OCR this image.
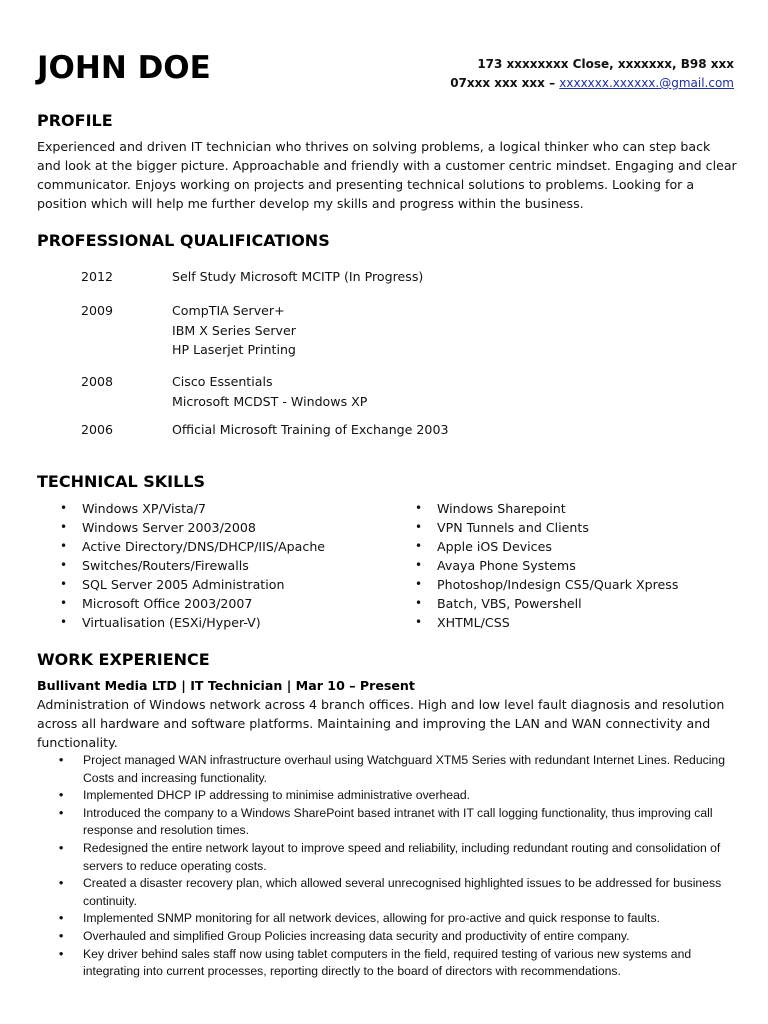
JOHN DOE	173 xxxxxxxx Close, xxxxxxx, B98 xxx
07xxx xxx xxx – xxxxxxx.xxxxxx.@gmail.com
PROFILE

Experienced and driven IT technician who thrives on solving problems, a logical thinker who can step back and look at the bigger picture. Approachable and friendly with a customer centric mindset. Engaging and clear communicator. Enjoys working on projects and presenting technical solutions to problems. Looking for a position which will help me further develop my skills and progress within the business.

PROFESSIONAL QUALIFICATIONS
2012	Self Study Microsoft MCITP (In Progress)
2009	CompTIA Server+
IBM X Series Server
HP Laserjet Printing
2008	Cisco Essentials
Microsoft MCDST - Windows XP
2006	Official Microsoft Training of Exchange 2003
TECHNICAL SKILLS
• Windows XP/Vista/7
• Windows Server 2003/2008
• Active Directory/DNS/DHCP/IIS/Apache
• Switches/Routers/Firewalls
• SQL Server 2005 Administration
• Microsoft Office 2003/2007
• Virtualisation (ESXi/Hyper-V)
• Windows Sharepoint
• VPN Tunnels and Clients
• Apple iOS Devices
• Avaya Phone Systems
• Photoshop/Indesign CS5/Quark Xpress
• Batch, VBS, Powershell
• XHTML/CSS
WORK EXPERIENCE
Bullivant Media LTD | IT Technician | Mar 10 – Present

Administration of Windows network across 4 branch offices. High and low level fault diagnosis and resolution across all hardware and software platforms. Maintaining and improving the LAN and WAN connectivity and functionality.

• Project managed WAN infrastructure overhaul using Watchguard XTM5 Series with redundant Internet Lines. Reducing Costs and increasing functionality.
• Implemented DHCP IP addressing to minimise administrative overhead.
• Introduced the company to a Windows SharePoint based intranet with IT call logging functionality, thus improving call response and resolution times.
• Redesigned the entire network layout to improve speed and reliability, including redundant routing and consolidation of servers to reduce operating costs.
• Created a disaster recovery plan, which allowed several unrecognised highlighted issues to be addressed for business continuity.
• Implemented SNMP monitoring for all network devices, allowing for pro-active and quick response to faults.
• Overhauled and simplified Group Policies increasing data security and productivity of entire company.
• Key driver behind sales staff now using tablet computers in the field, required testing of various new systems and integrating into current processes, reporting directly to the board of directors with recommendations.
